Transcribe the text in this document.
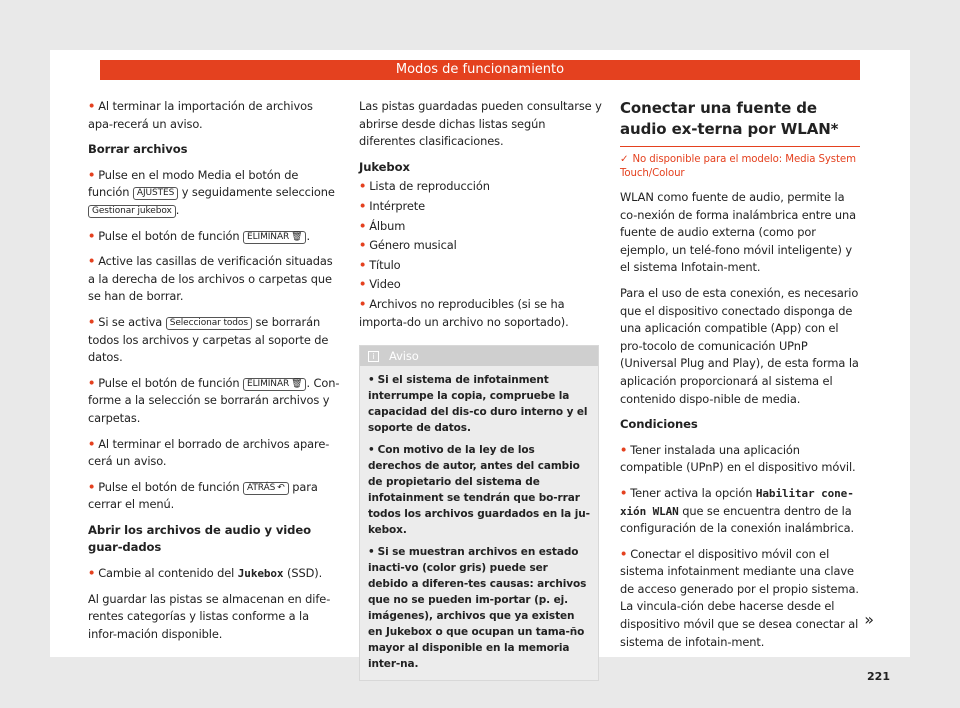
Modos de funcionamiento

• Al terminar la importación de archivos apa-recerá un aviso.

Borrar archivos

• Pulse en el modo Media el botón de función AJUSTES y seguidamente seleccione Gestionar jukebox .

• Pulse el botón de función ELIMINAR 🗑 .

• Active las casillas de verificación situadas a la derecha de los archivos o carpetas que se han de borrar.

• Si se activa Seleccionar todos se borrarán todos los archivos y carpetas al soporte de datos.

• Pulse el botón de función ELIMINAR 🗑 . Con-forme a la selección se borrarán archivos y carpetas.

• Al terminar el borrado de archivos apare-cerá un aviso.

• Pulse el botón de función ATRÁS ↶ para cerrar el menú.

Abrir los archivos de audio y video guar-dados

• Cambie al contenido del Jukebox (SSD).

Al guardar las pistas se almacenan en dife-rentes categorías y listas conforme a la infor-mación disponible.

Las pistas guardadas pueden consultarse y abrirse desde dichas listas según diferentes clasificaciones.

Jukebox

• Lista de reproducción

• Intérprete

• Álbum

• Género musical

• Título

• Video

• Archivos no reproducibles (si se ha importa-do un archivo no soportado).

i Aviso

• Si el sistema de infotainment interrumpe la copia, compruebe la capacidad del dis-co duro interno y el soporte de datos.

• Con motivo de la ley de los derechos de autor, antes del cambio de propietario del sistema de infotainment se tendrán que bo-rrar todos los archivos guardados en la ju-kebox.

• Si se muestran archivos en estado inacti-vo (color gris) puede ser debido a diferen-tes causas: archivos que no se pueden im-portar (p. ej. imágenes), archivos que ya existen en Jukebox o que ocupan un tama-ño mayor al disponible en la memoria inter-na.

Conectar una fuente de audio ex-terna por WLAN*

✓ No disponible para el modelo: Media System Touch/Colour

WLAN como fuente de audio, permite la co-nexión de forma inalámbrica entre una fuente de audio externa (como por ejemplo, un telé-fono móvil inteligente) y el sistema Infotain-ment.

Para el uso de esta conexión, es necesario que el dispositivo conectado disponga de una aplicación compatible (App) con el pro-tocolo de comunicación UPnP (Universal Plug and Play), de esta forma la aplicación proporcionará al sistema el contenido dispo-nible de media.

Condiciones

• Tener instalada una aplicación compatible (UPnP) en el dispositivo móvil.

• Tener activa la opción Habilitar cone-xión WLAN que se encuentra dentro de la configuración de la conexión inalámbrica.

• Conectar el dispositivo móvil con el sistema infotainment mediante una clave de acceso generado por el propio sistema. La vincula-ción debe hacerse desde el dispositivo móvil que se desea conectar al sistema de infotain-ment.

»
221
